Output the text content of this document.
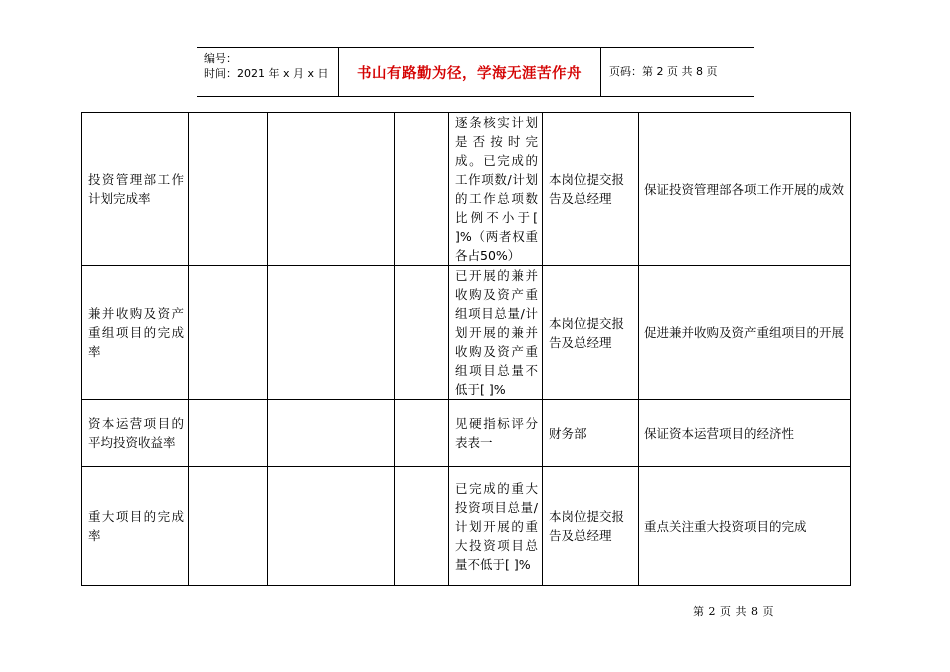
编号：
时间：2021 年 x 月 x 日	书山有路勤为径，学海无涯苦作舟	页码：第 2 页 共 8 页
投资管理部工作计划完成率				逐条核实计划是否按时完成。已完成的工作项数/计划的工作总项数比例不小于[ ]%（两者权重各占50%）	本岗位提交报告及总经理	保证投资管理部各项工作开展的成效
兼并收购及资产重组项目的完成率				已开展的兼并收购及资产重组项目总量/计划开展的兼并收购及资产重组项目总量不低于[ ]%	本岗位提交报告及总经理	促进兼并收购及资产重组项目的开展
资本运营项目的平均投资收益率				见硬指标评分表表一	财务部	保证资本运营项目的经济性
重大项目的完成率				已完成的重大投资项目总量/计划开展的重大投资项目总量不低于[ ]%	本岗位提交报告及总经理	重点关注重大投资项目的完成
第 2 页 共 8 页
